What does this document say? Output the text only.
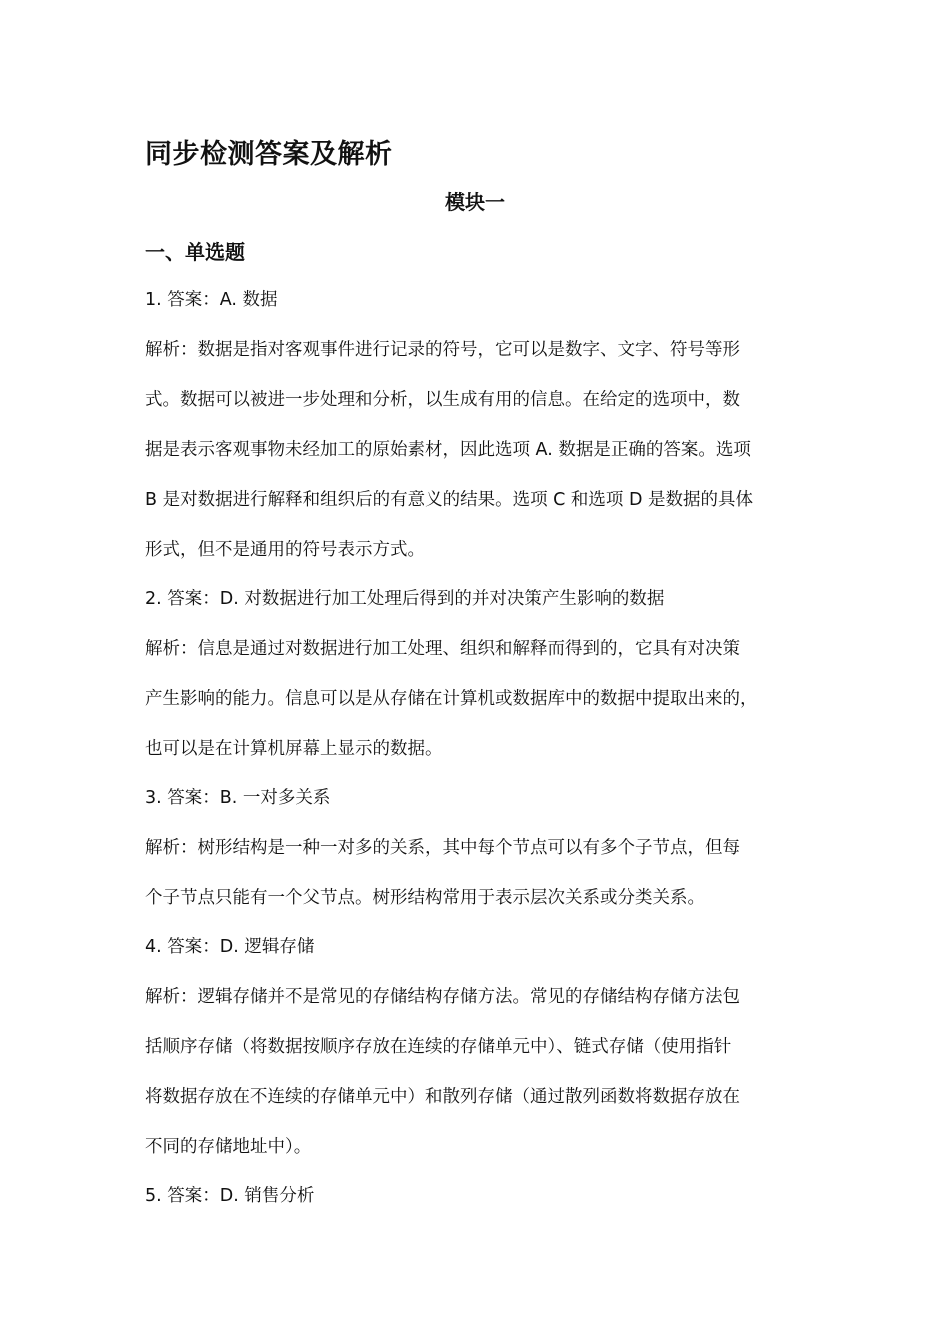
同步检测答案及解析
模块一
一、单选题

1. 答案：A. 数据

解析：数据是指对客观事件进行记录的符号，它可以是数字、文字、符号等形

式。数据可以被进一步处理和分析，以生成有用的信息。在给定的选项中，数

据是表示客观事物未经加工的原始素材，因此选项 A. 数据是正确的答案。选项

B 是对数据进行解释和组织后的有意义的结果。选项 C 和选项 D 是数据的具体

形式，但不是通用的符号表示方式。

2. 答案：D. 对数据进行加工处理后得到的并对决策产生影响的数据

解析：信息是通过对数据进行加工处理、组织和解释而得到的，它具有对决策

产生影响的能力。信息可以是从存储在计算机或数据库中的数据中提取出来的，

也可以是在计算机屏幕上显示的数据。

3. 答案：B. 一对多关系

解析：树形结构是一种一对多的关系，其中每个节点可以有多个子节点，但每

个子节点只能有一个父节点。树形结构常用于表示层次关系或分类关系。

4. 答案：D. 逻辑存储

解析：逻辑存储并不是常见的存储结构存储方法。常见的存储结构存储方法包

括顺序存储（将数据按顺序存放在连续的存储单元中）、链式存储（使用指针

将数据存放在不连续的存储单元中）和散列存储（通过散列函数将数据存放在

不同的存储地址中）。

5. 答案：D. 销售分析
